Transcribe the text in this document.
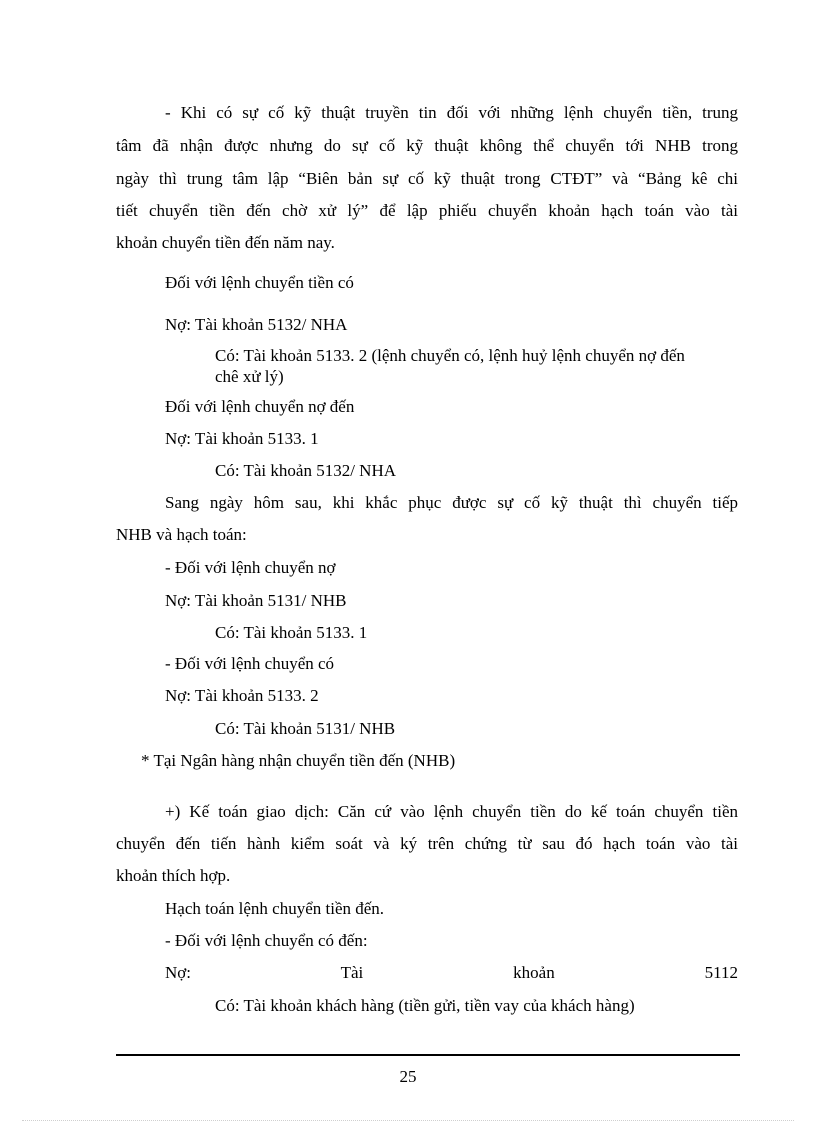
- Khi có sự cố kỹ thuật truyền tin đối với những lệnh chuyển tiền, trung
tâm đã nhận được nhưng do sự cố kỹ thuật không thể chuyển tới NHB trong
ngày thì trung tâm lập “Biên bản sự cố kỹ thuật trong CTĐT” và “Bảng kê chi
tiết chuyển tiền đến chờ xử lý” để lập phiếu chuyển khoản hạch toán vào tài
khoản chuyển tiền đến năm nay.
Đối với lệnh chuyển tiền có
Nợ: Tài khoản 5132/ NHA
Có: Tài khoản 5133. 2 (lệnh chuyển có, lệnh huỷ lệnh chuyển nợ đến
chê xử lý)
Đối với lệnh chuyển nợ đến
Nợ: Tài khoản 5133. 1
Có: Tài khoản 5132/ NHA
Sang ngày hôm sau, khi khắc phục được sự cố kỹ thuật thì chuyển tiếp
NHB và hạch toán:
- Đối với lệnh chuyển nợ
Nợ: Tài khoản 5131/ NHB
Có: Tài khoản 5133. 1
- Đối với lệnh chuyển có
Nợ: Tài khoản 5133. 2
Có: Tài khoản 5131/ NHB
* Tại Ngân hàng nhận chuyển tiền đến (NHB)
+) Kế toán giao dịch: Căn cứ vào lệnh chuyển tiền do kế toán chuyển tiền
chuyển đến tiến hành kiểm soát và ký trên chứng từ sau đó hạch toán vào tài
khoản thích hợp.
Hạch toán lệnh chuyển tiền đến.
- Đối với lệnh chuyển có đến:
Nợ: Tài khoản 5112
Có: Tài khoản khách hàng (tiền gửi, tiền vay của khách hàng)
25
